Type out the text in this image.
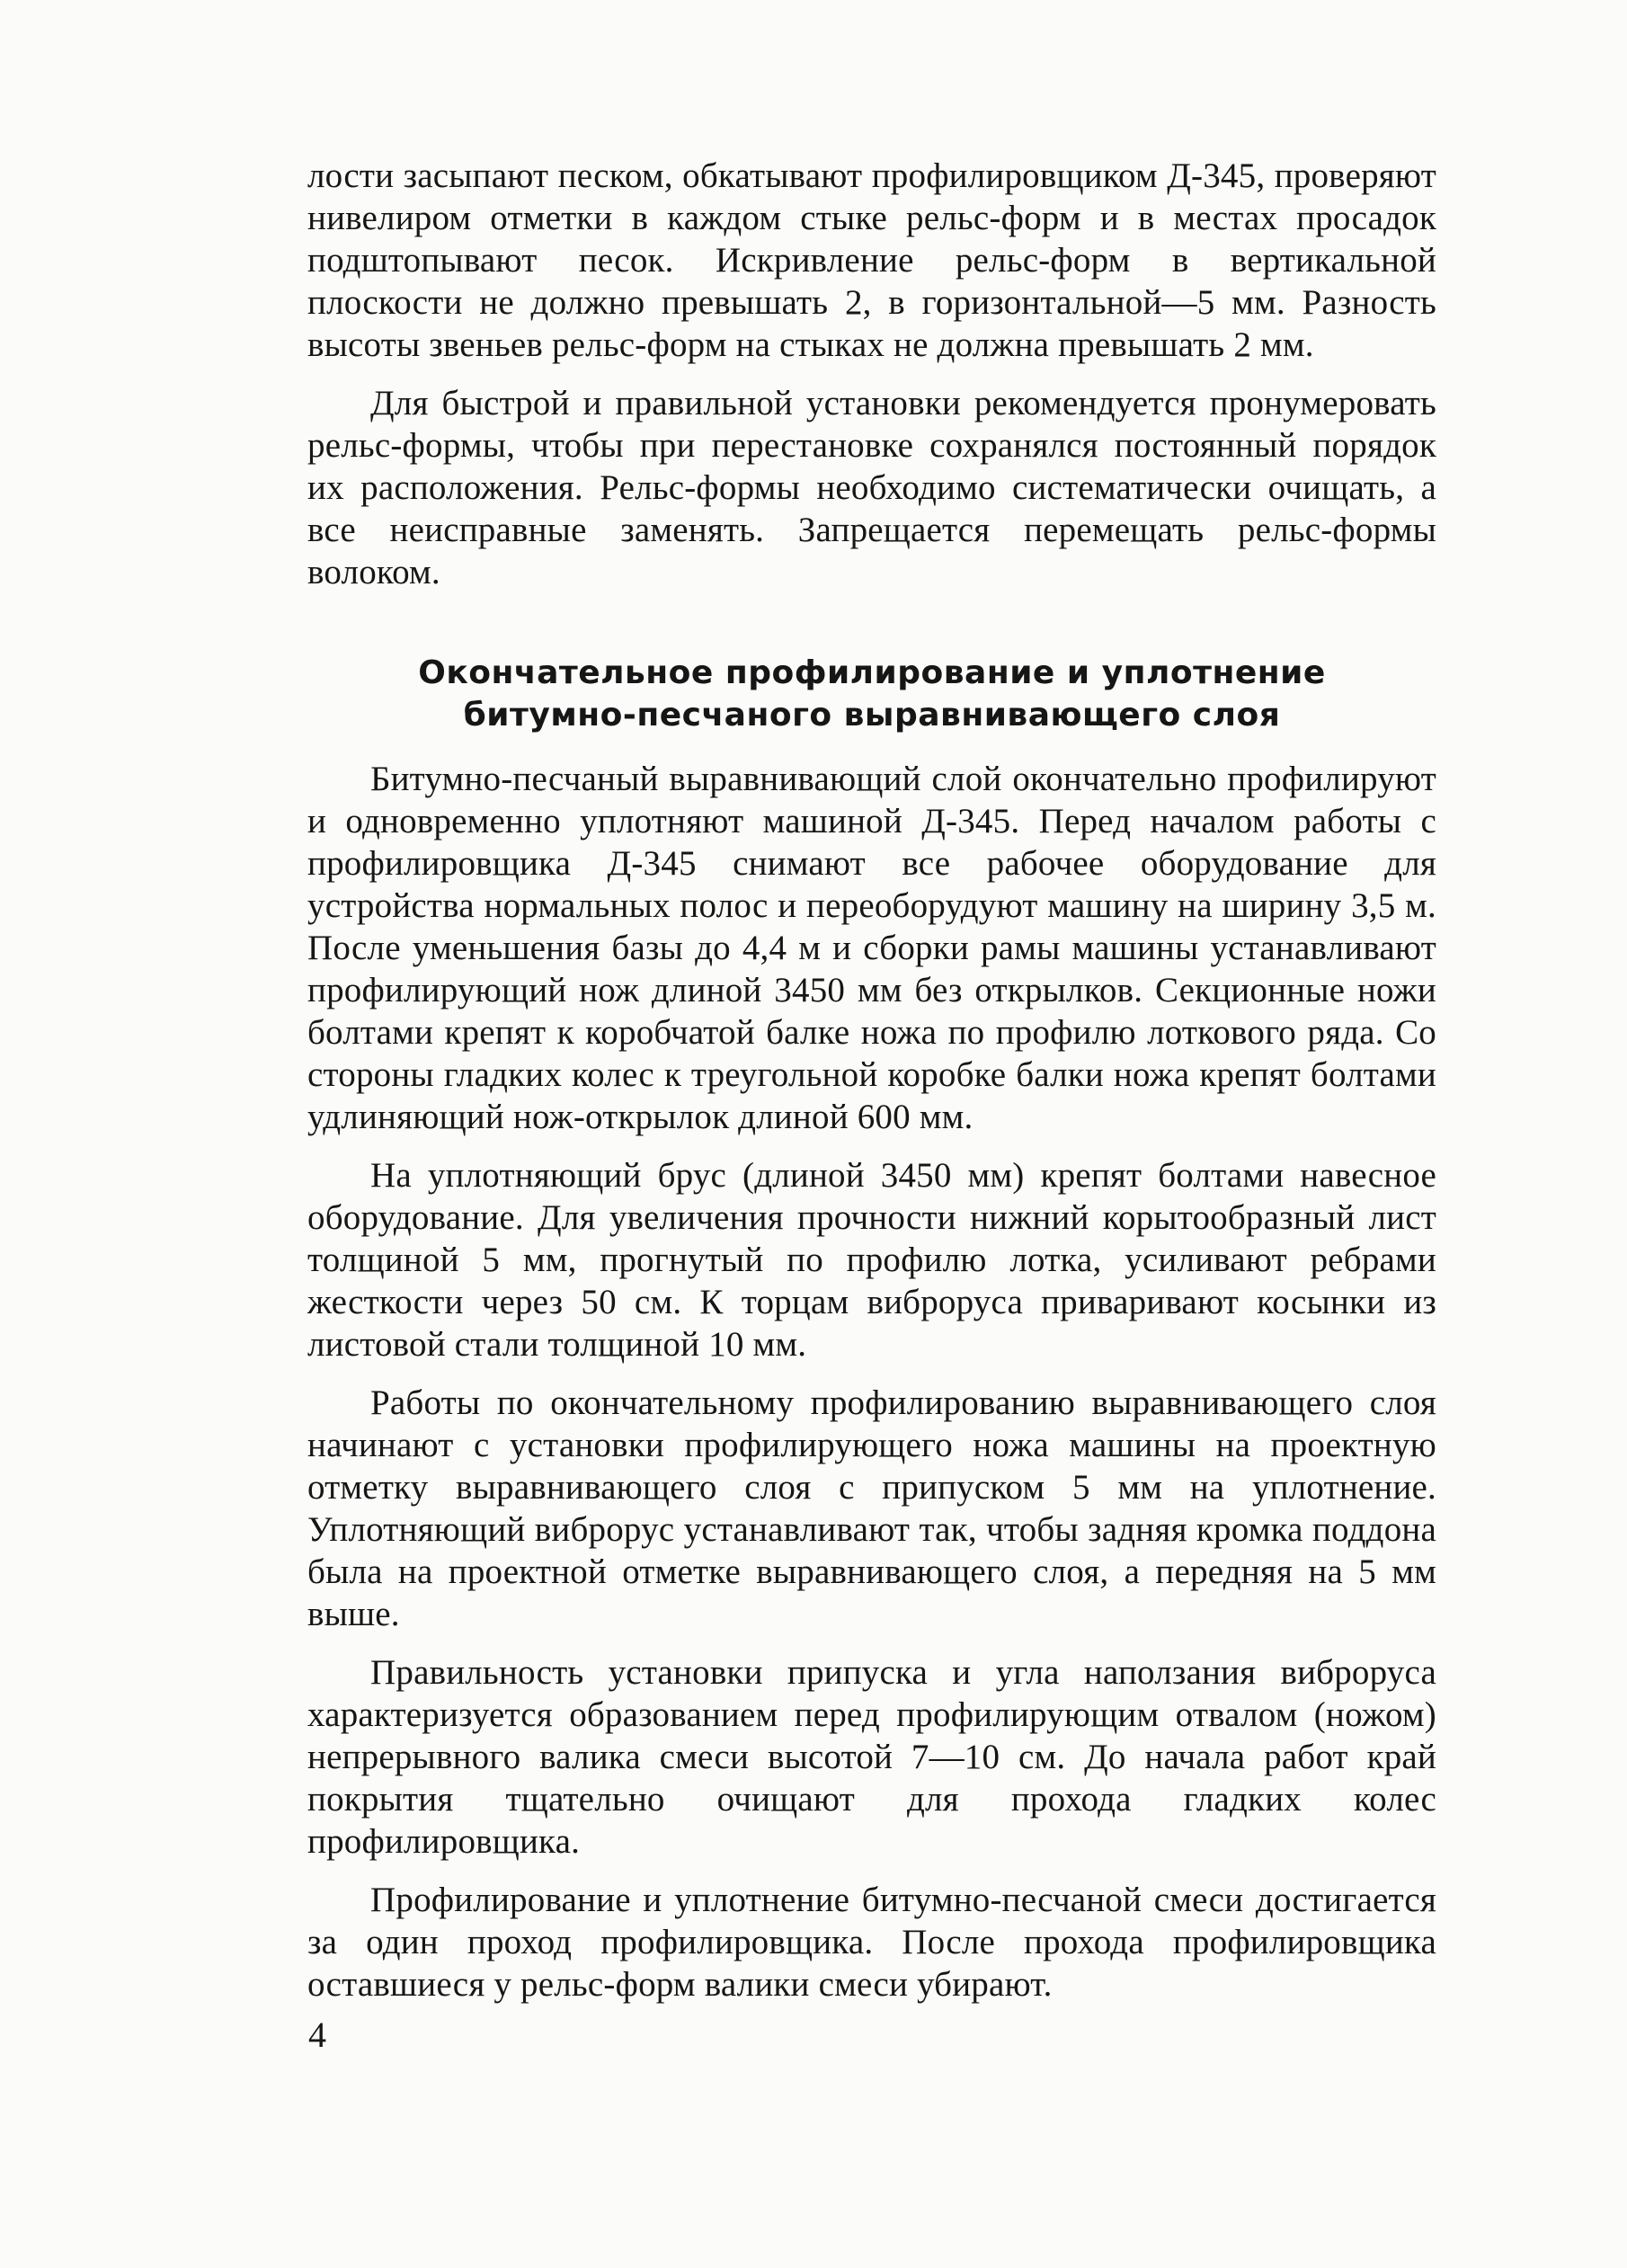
лости засыпают песком, обкатывают профилировщиком Д-345, проверяют нивелиром отметки в каждом стыке рельс-форм и в местах просадок подштопывают песок. Искривление рельс-форм в вертикальной плоскости не должно превышать 2, в горизонтальной—5 мм. Разность высоты звеньев рельс-форм на стыках не должна превышать 2 мм.

Для быстрой и правильной установки рекомендуется пронумеровать рельс-формы, чтобы при перестановке сохранялся постоянный порядок их расположения. Рельс-формы необходимо систематически очищать, а все неисправные заменять. Запрещается перемещать рельс-формы волоком.

Окончательное профилирование и уплотнение
битумно-песчаного выравнивающего слоя

Битумно-песчаный выравнивающий слой окончательно профилируют и одновременно уплотняют машиной Д-345. Перед началом работы с профилировщика Д-345 снимают все рабочее оборудование для устройства нормальных полос и переоборудуют машину на ширину 3,5 м. После уменьшения базы до 4,4 м и сборки рамы машины устанавливают профилирующий нож длиной 3450 мм без открылков. Секционные ножи болтами крепят к коробчатой балке ножа по профилю лоткового ряда. Со стороны гладких колес к треугольной коробке балки ножа крепят болтами удлиняющий нож-открылок длиной 600 мм.

На уплотняющий брус (длиной 3450 мм) крепят болтами навесное оборудование. Для увеличения прочности нижний корытообразный лист толщиной 5 мм, прогнутый по профилю лотка, усиливают ребрами жесткости через 50 см. К торцам виброруса приваривают косынки из листовой стали толщиной 10 мм.

Работы по окончательному профилированию выравнивающего слоя начинают с установки профилирующего ножа машины на проектную отметку выравнивающего слоя с припуском 5 мм на уплотнение. Уплотняющий виброрус устанавливают так, чтобы задняя кромка поддона была на проектной отметке выравнивающего слоя, а передняя на 5 мм выше.

Правильность установки припуска и угла наползания виброруса характеризуется образованием перед профилирующим отвалом (ножом) непрерывного валика смеси высотой 7—10 см. До начала работ край покрытия тщательно очищают для прохода гладких колес профилировщика.

Профилирование и уплотнение битумно-песчаной смеси достигается за один проход профилировщика. После прохода профилировщика оставшиеся у рельс-форм валики смеси убирают.

4
